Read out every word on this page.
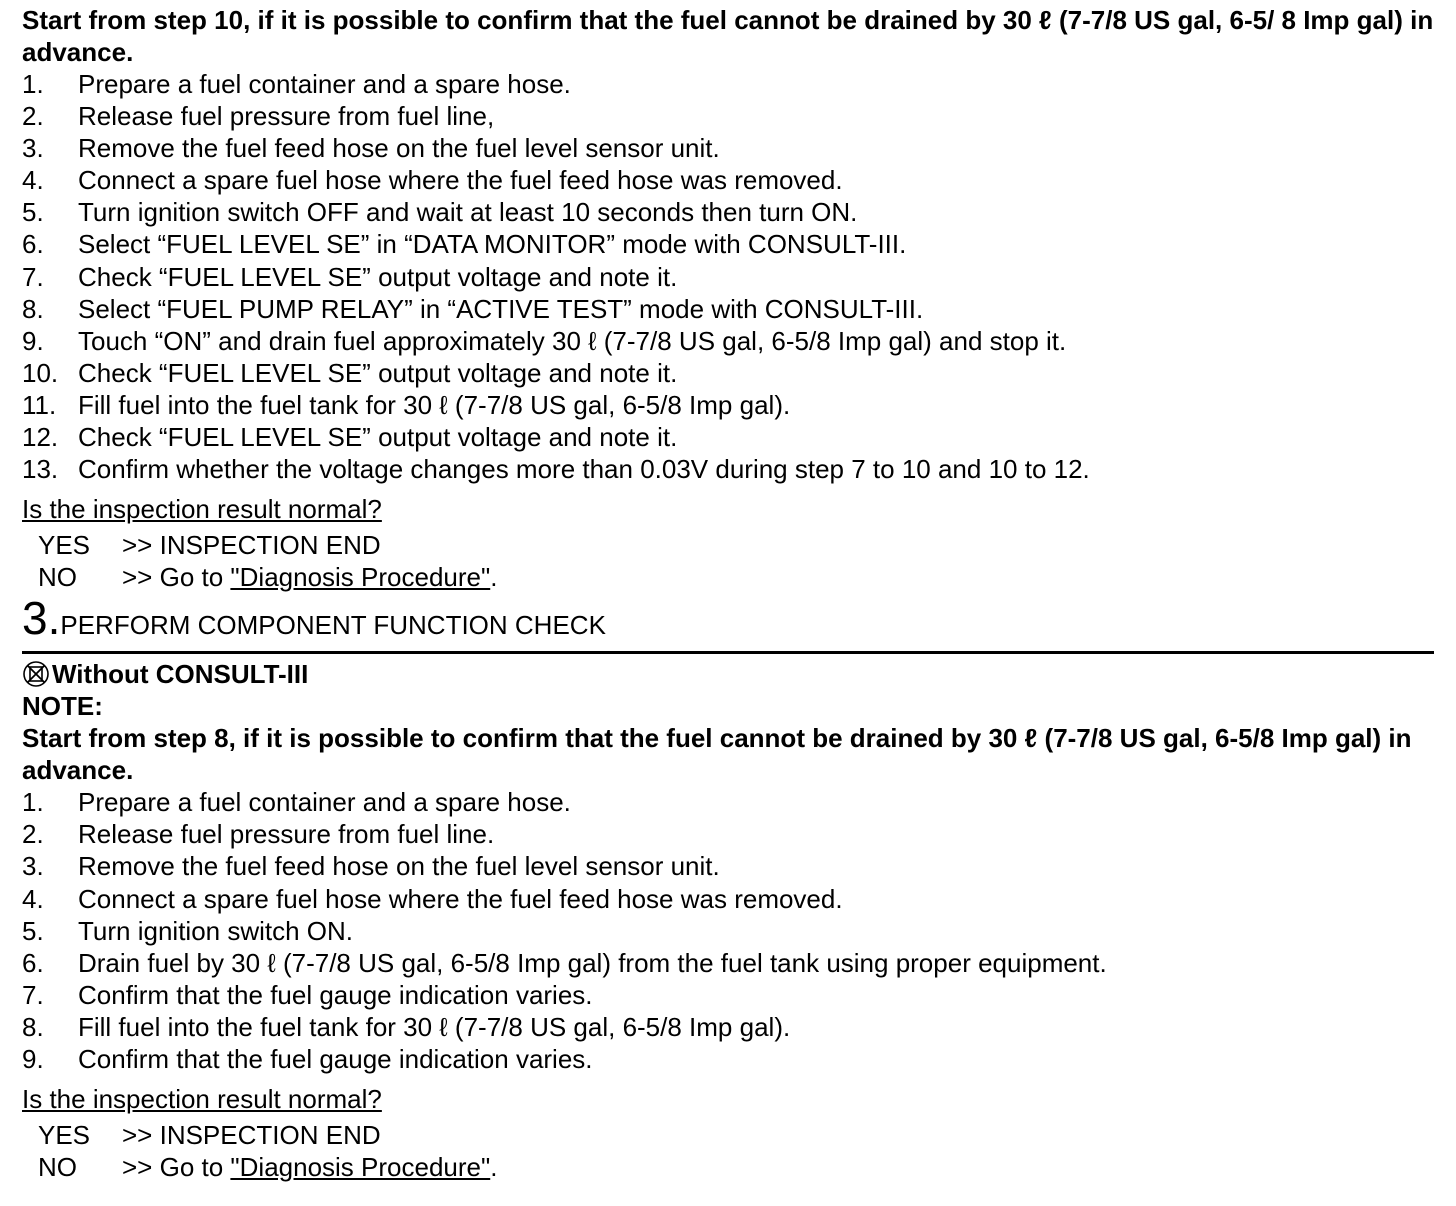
Start from step 10, if it is possible to confirm that the fuel cannot be drained by 30 ℓ (7-7/8 US gal, 6-5/ 8 Imp gal) in advance.
1.	Prepare a fuel container and a spare hose.
2.	Release fuel pressure from fuel line,
3.	Remove the fuel feed hose on the fuel level sensor unit.
4.	Connect a spare fuel hose where the fuel feed hose was removed.
5.	Turn ignition switch OFF and wait at least 10 seconds then turn ON.
6.	Select “FUEL LEVEL SE” in “DATA MONITOR” mode with CONSULT-III.
7.	Check “FUEL LEVEL SE” output voltage and note it.
8.	Select “FUEL PUMP RELAY” in “ACTIVE TEST” mode with CONSULT-III.
9.	Touch “ON” and drain fuel approximately 30 ℓ (7-7/8 US gal, 6-5/8 Imp gal) and stop it.
10. Check “FUEL LEVEL SE” output voltage and note it.
11. Fill fuel into the fuel tank for 30 ℓ (7-7/8 US gal, 6-5/8 Imp gal).
12. Check “FUEL LEVEL SE” output voltage and note it.
13. Confirm whether the voltage changes more than 0.03V during step 7 to 10 and 10 to 12.
Is the inspection result normal?
YES	>> INSPECTION END
NO	>> Go to "Diagnosis Procedure".
3. PERFORM COMPONENT FUNCTION CHECK
Without CONSULT-III
NOTE:
Start from step 8, if it is possible to confirm that the fuel cannot be drained by 30 ℓ (7-7/8 US gal, 6-5/8 Imp gal) in advance.
1.	Prepare a fuel container and a spare hose.
2.	Release fuel pressure from fuel line.
3.	Remove the fuel feed hose on the fuel level sensor unit.
4.	Connect a spare fuel hose where the fuel feed hose was removed.
5.	Turn ignition switch ON.
6.	Drain fuel by 30 ℓ (7-7/8 US gal, 6-5/8 Imp gal) from the fuel tank using proper equipment.
7.	Confirm that the fuel gauge indication varies.
8.	Fill fuel into the fuel tank for 30 ℓ (7-7/8 US gal, 6-5/8 Imp gal).
9.	Confirm that the fuel gauge indication varies.
Is the inspection result normal?
YES	>> INSPECTION END
NO	>> Go to "Diagnosis Procedure".
